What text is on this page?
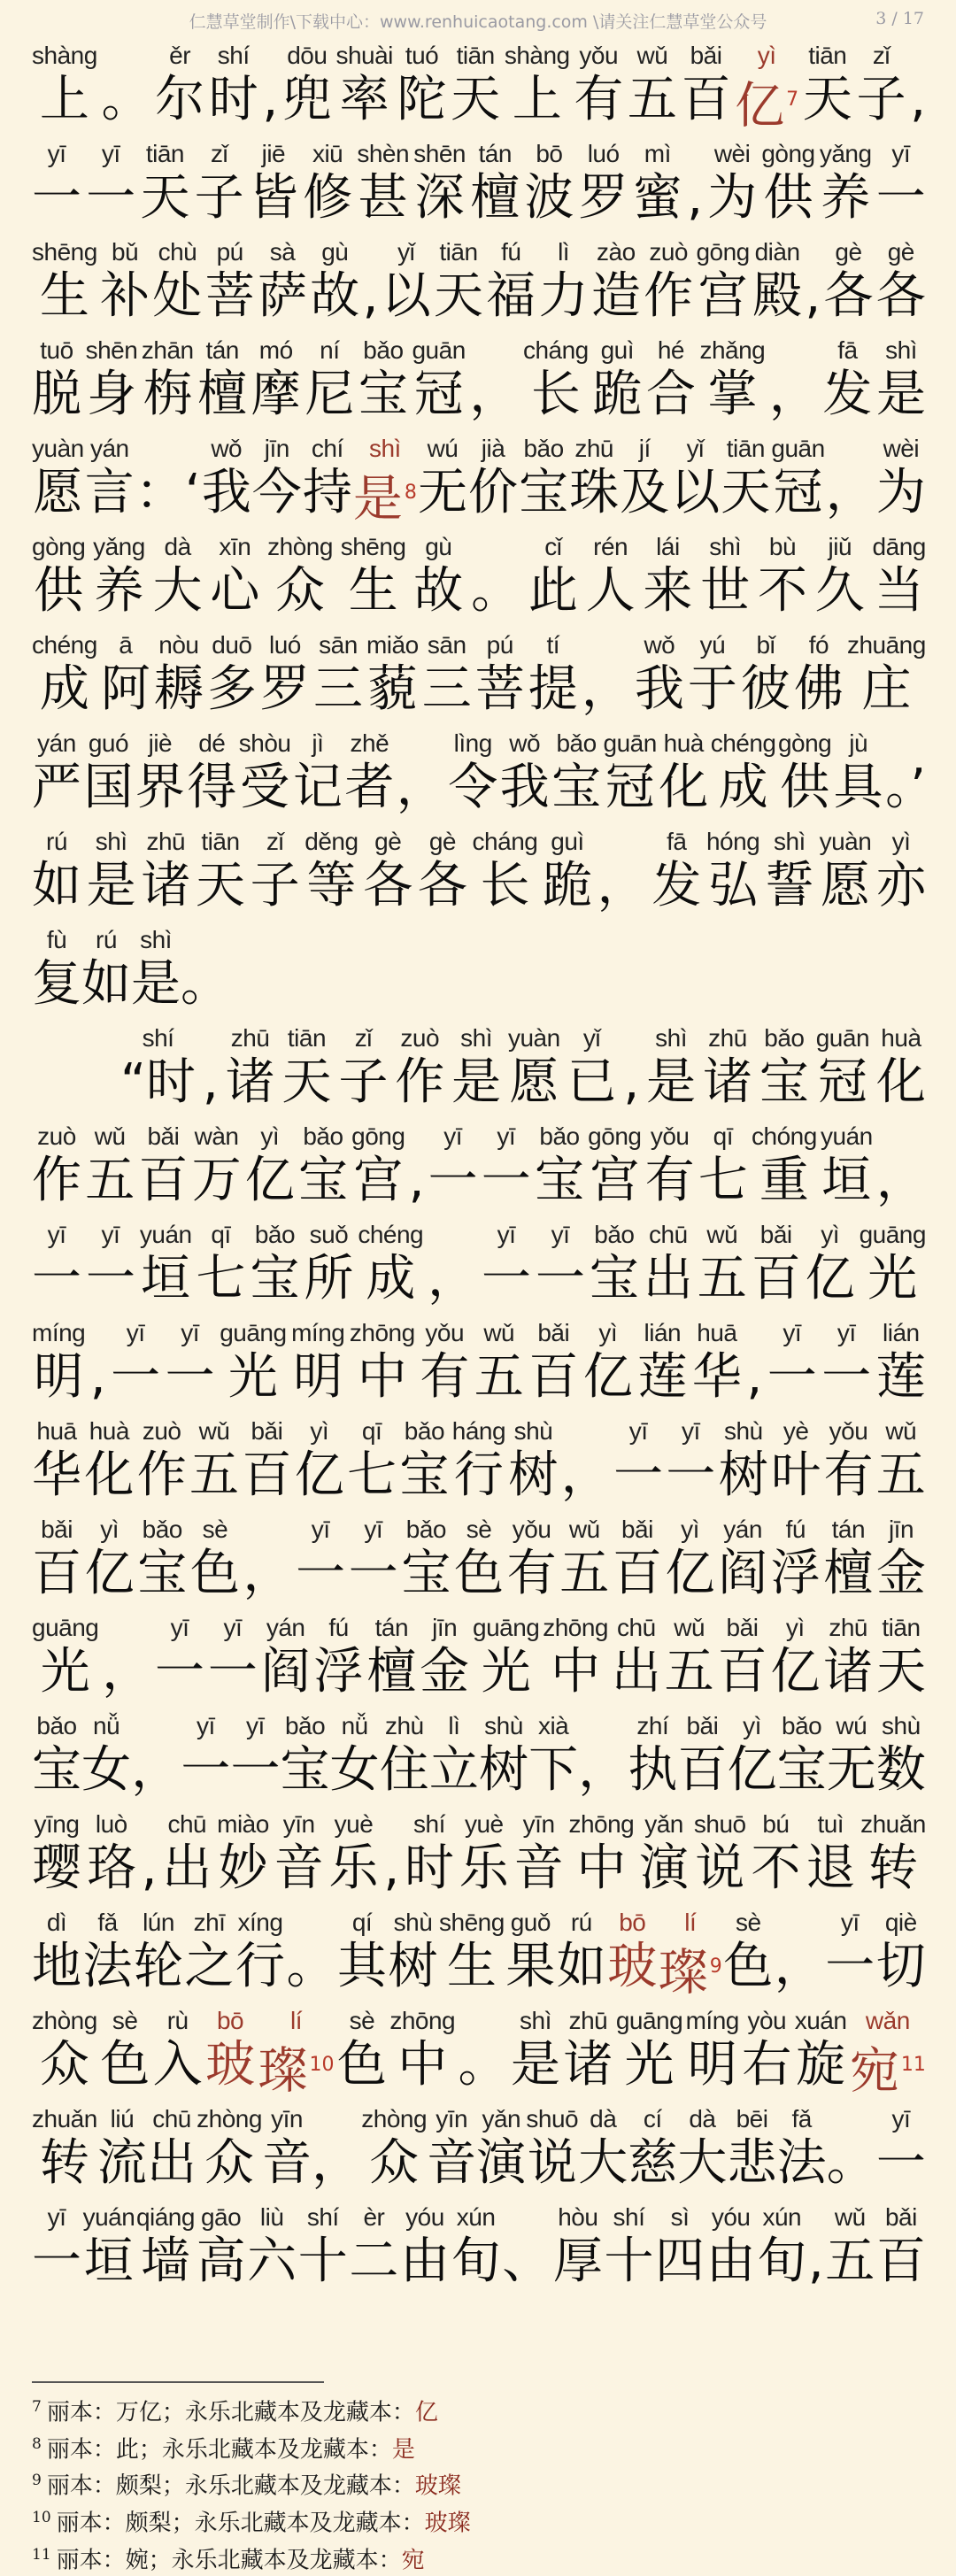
仁慧草堂制作\下载中心：www.renhuicaotang.com \请关注仁慧草堂公众号	3 / 17
shàng
上
。
ěr
尔
shí
时
,
dōu
兜
shuài
率
tuó
陀
tiān
天
shàng
上
yǒu
有
wǔ
五
bǎi
百
yì
亿$^7$
tiān
天
zǐ
子
,
yī
一
yī
一
tiān
天
zǐ
子
jiē
皆
xiū
修
shèn
甚
shēn
深
tán
檀
bō
波
luó
罗
mì
蜜
,
wèi
为
gòng
供
yǎng
养
yī
一
shēng
生
bǔ
补
chù
处
pú
菩
sà
萨
gù
故
,
yǐ
以
tiān
天
fú
福
lì
力
zào
造
zuò
作
gōng
宫
diàn
殿
,
gè
各
gè
各
tuō
脱
shēn
身
zhān
栴
tán
檀
mó
摩
ní
尼
bǎo
宝
guān
冠
，
cháng
长
guì
跪
hé
合
zhǎng
掌
，
fā
发
shì
是
yuàn
愿
yán
言
：‘
wǒ
我
jīn
今
chí
持
shì
是$^8$
wú
无
jià
价
bǎo
宝
zhū
珠
jí
及
yǐ
以
tiān
天
guān
冠
，
wèi
为
gòng
供
yǎng
养
dà
大
xīn
心
zhòng
众
shēng
生
gù
故
。
cǐ
此
rén
人
lái
来
shì
世
bù
不
jiǔ
久
dāng
当
chéng
成
ā
阿
nòu
耨
duō
多
luó
罗
sān
三
miǎo
藐
sān
三
pú
菩
tí
提
，
wǒ
我
yú
于
bǐ
彼
fó
佛
zhuāng
庄
yán
严
guó
国
jiè
界
dé
得
shòu
受
jì
记
zhě
者
，
lìng
令
wǒ
我
bǎo
宝
guān
冠
huà
化
chéng
成
gòng
供
jù
具
。’
rú
如
shì
是
zhū
诸
tiān
天
zǐ
子
děng
等
gè
各
gè
各
cháng
长
guì
跪
，
fā
发
hóng
弘
shì
誓
yuàn
愿
yì
亦
fù
复
rú
如
shì
是
。
shí
“时
,
zhū
诸
tiān
天
zǐ
子
zuò
作
shì
是
yuàn
愿
yǐ
已
,
shì
是
zhū
诸
bǎo
宝
guān
冠
huà
化
zuò
作
wǔ
五
bǎi
百
wàn
万
yì
亿
bǎo
宝
gōng
宫
,
yī
一
yī
一
bǎo
宝
gōng
宫
yǒu
有
qī
七
chóng
重
yuán
垣
，
yī
一
yī
一
yuán
垣
qī
七
bǎo
宝
suǒ
所
chéng
成
，
yī
一
yī
一
bǎo
宝
chū
出
wǔ
五
bǎi
百
yì
亿
guāng
光
míng
明
,
yī
一
yī
一
guāng
光
míng
明
zhōng
中
yǒu
有
wǔ
五
bǎi
百
yì
亿
lián
莲
huā
华
,
yī
一
yī
一
lián
莲
huā
华
huà
化
zuò
作
wǔ
五
bǎi
百
yì
亿
qī
七
bǎo
宝
háng
行
shù
树
，
yī
一
yī
一
shù
树
yè
叶
yǒu
有
wǔ
五
bǎi
百
yì
亿
bǎo
宝
sè
色
，
yī
一
yī
一
bǎo
宝
sè
色
yǒu
有
wǔ
五
bǎi
百
yì
亿
yán
阎
fú
浮
tán
檀
jīn
金
guāng
光
，
yī
一
yī
一
yán
阎
fú
浮
tán
檀
jīn
金
guāng
光
zhōng
中
chū
出
wǔ
五
bǎi
百
yì
亿
zhū
诸
tiān
天
bǎo
宝
nǚ
女
，
yī
一
yī
一
bǎo
宝
nǚ
女
zhù
住
lì
立
shù
树
xià
下
，
zhí
执
bǎi
百
yì
亿
bǎo
宝
wú
无
shù
数
yīng
璎
luò
珞
,
chū
出
miào
妙
yīn
音
yuè
乐
,
shí
时
yuè
乐
yīn
音
zhōng
中
yǎn
演
shuō
说
bú
不
tuì
退
zhuǎn
转
dì
地
fǎ
法
lún
轮
zhī
之
xíng
行
。
qí
其
shù
树
shēng
生
guǒ
果
rú
如
bō
玻
lí
璨$^9$
sè
色
，
yī
一
qiè
切
zhòng
众
sè
色
rù
入
bō
玻
lí
璨$^{10}$
sè
色
zhōng
中
。
shì
是
zhū
诸
guāng
光
míng
明
yòu
右
xuán
旋
wǎn
宛$^{11}$
zhuǎn
转
liú
流
chū
出
zhòng
众
yīn
音
，
zhòng
众
yīn
音
yǎn
演
shuō
说
dà
大
cí
慈
dà
大
bēi
悲
fǎ
法
。
yī
一
yī
一
yuán
垣
qiáng
墙
gāo
高
liù
六
shí
十
èr
二
yóu
由
xún
旬
、
hòu
厚
shí
十
sì
四
yóu
由
xún
旬
,
wǔ
五
bǎi
百
$^7$ 丽本：万亿；永乐北藏本及龙藏本：亿
$^8$ 丽本：此；永乐北藏本及龙藏本：是
$^9$ 丽本：颇梨；永乐北藏本及龙藏本：玻璨
$^{10}$ 丽本：颇梨；永乐北藏本及龙藏本：玻璨
$^{11}$ 丽本：婉；永乐北藏本及龙藏本：宛
